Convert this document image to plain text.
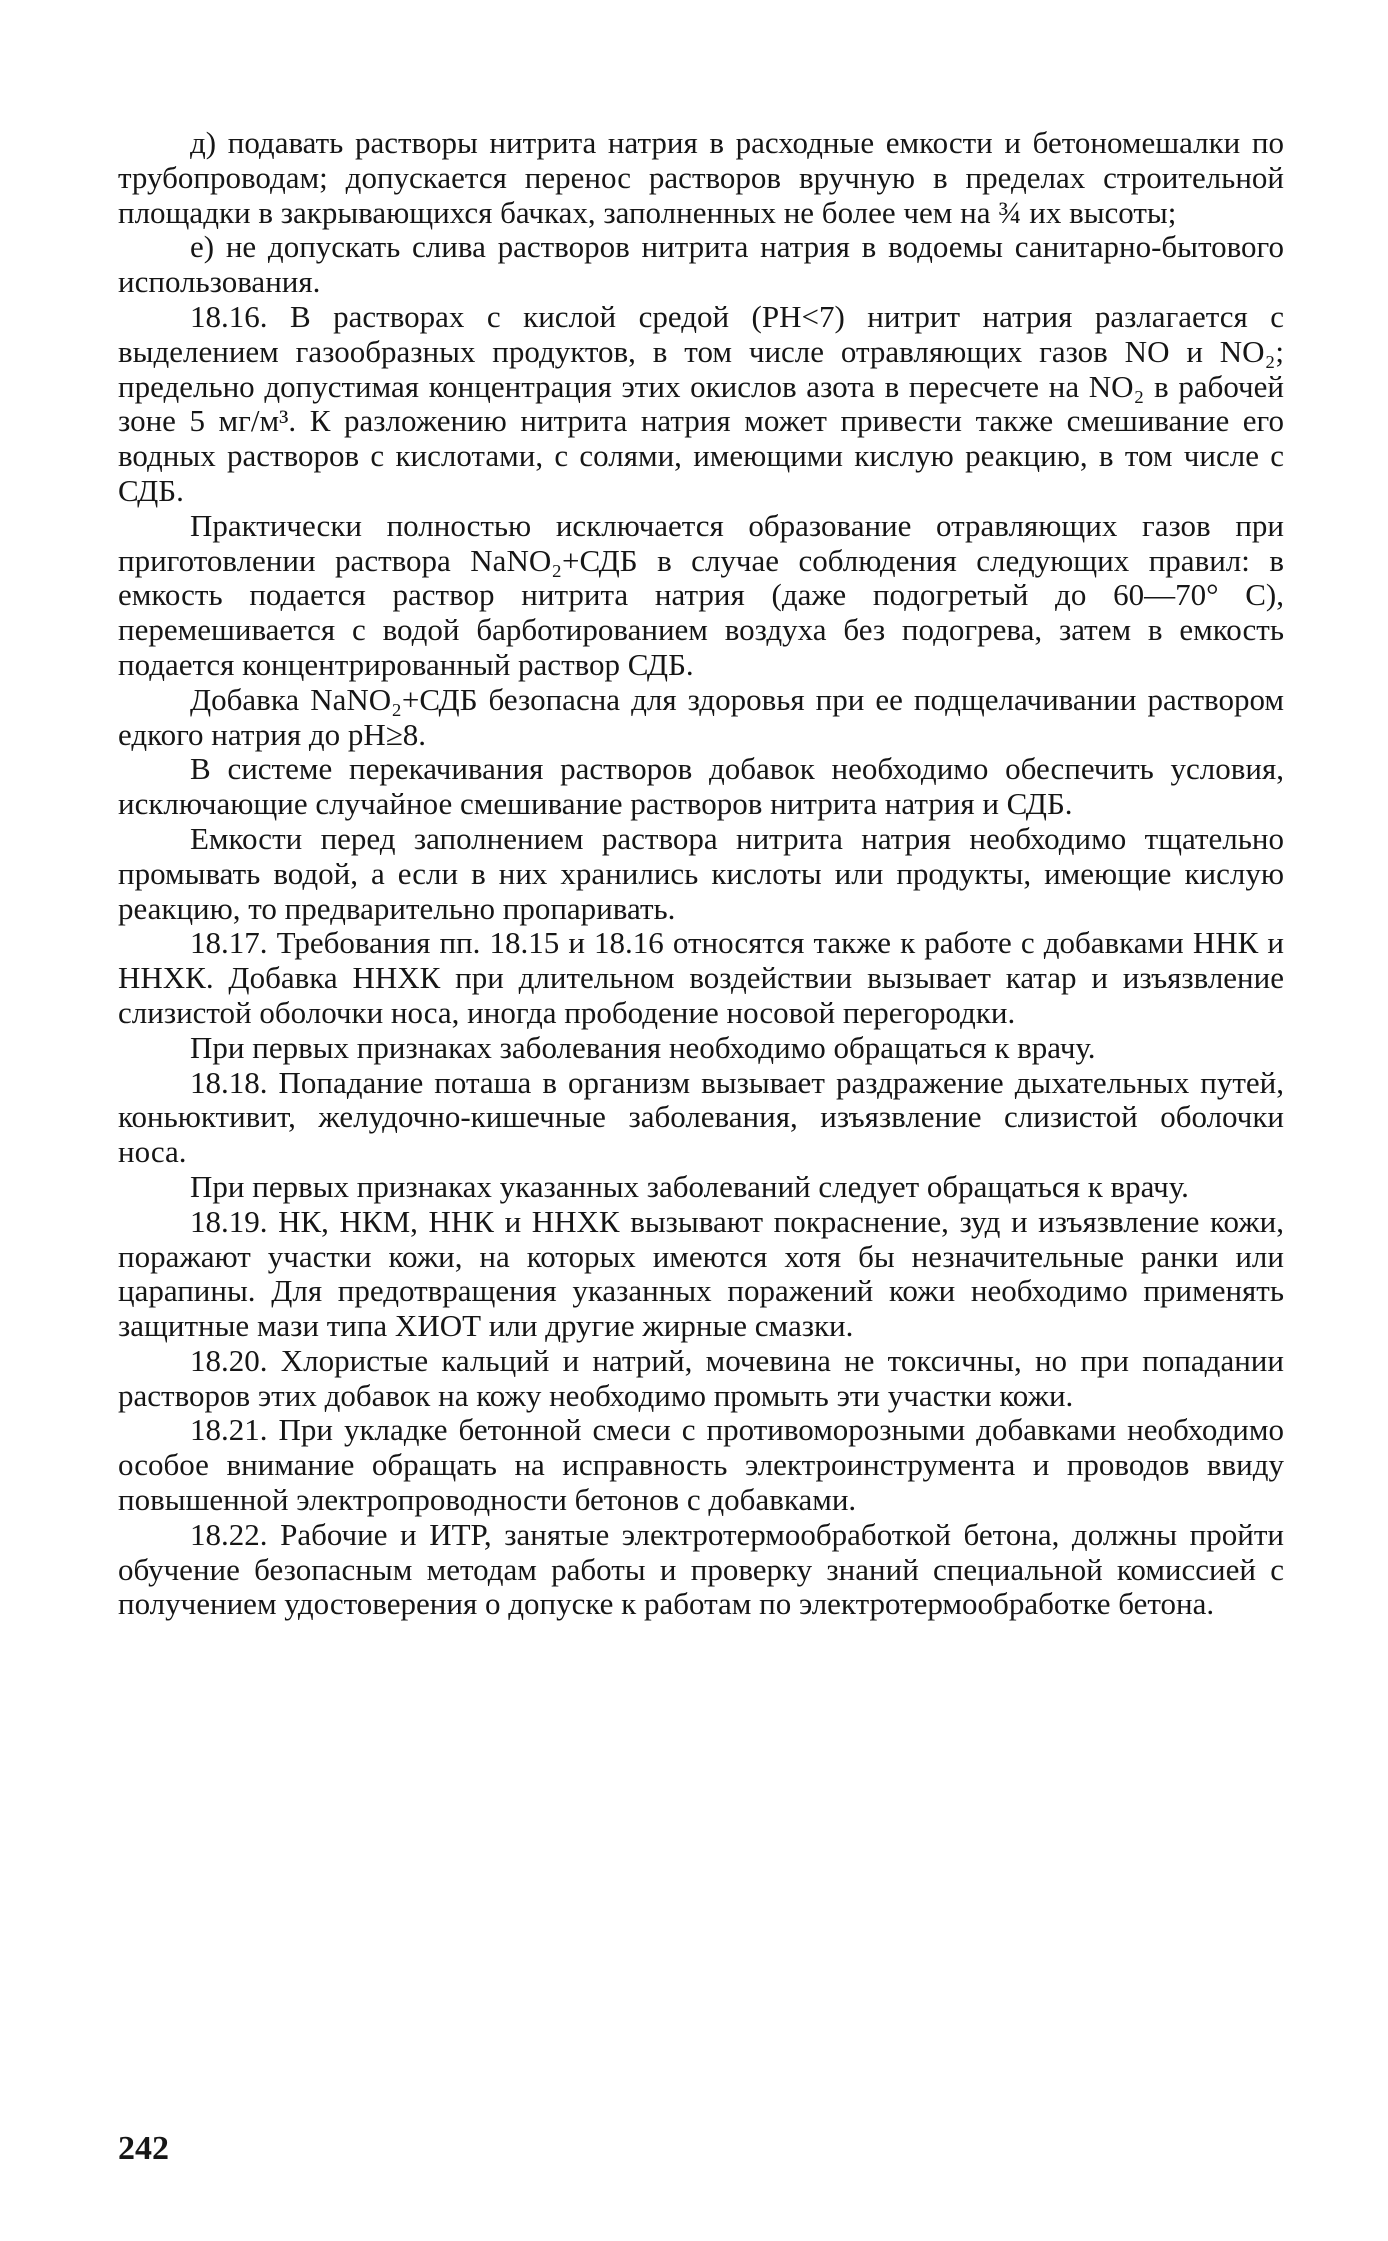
д) подавать растворы нитрита натрия в расходные емкости и бетономешалки по трубопроводам; допускается перенос растворов вручную в пределах строительной площадки в закрывающихся бачках, заполненных не более чем на ¾ их высоты;

е) не допускать слива растворов нитрита натрия в водоемы санитарно-бытового использования.

18.16. В растворах с кислой средой (PH<7) нитрит натрия разлагается с выделением газообразных продуктов, в том числе отравляющих газов NO и NO₂; предельно допустимая концентрация этих окислов азота в пересчете на NO₂ в рабочей зоне 5 мг/м³. К разложению нитрита натрия может привести также смешивание его водных растворов с кислотами, с солями, имеющими кислую реакцию, в том числе с СДБ.

Практически полностью исключается образование отравляющих газов при приготовлении раствора NaNO₂+СДБ в случае соблюдения следующих правил: в емкость подается раствор нитрита натрия (даже подогретый до 60—70° С), перемешивается с водой барботированием воздуха без подогрева, затем в емкость подается концентрированный раствор СДБ.

Добавка NaNO₂+СДБ безопасна для здоровья при ее подщелачивании раствором едкого натрия до pH≥8.

В системе перекачивания растворов добавок необходимо обеспечить условия, исключающие случайное смешивание растворов нитрита натрия и СДБ.

Емкости перед заполнением раствора нитрита натрия необходимо тщательно промывать водой, а если в них хранились кислоты или продукты, имеющие кислую реакцию, то предварительно пропаривать.

18.17. Требования пп. 18.15 и 18.16 относятся также к работе с добавками ННК и ННХК. Добавка ННХК при длительном воздействии вызывает катар и изъязвление слизистой оболочки носа, иногда прободение носовой перегородки.

При первых признаках заболевания необходимо обращаться к врачу.

18.18. Попадание поташа в организм вызывает раздражение дыхательных путей, коньюктивит, желудочно-кишечные заболевания, изъязвление слизистой оболочки носа.

При первых признаках указанных заболеваний следует обращаться к врачу.

18.19. НК, НКМ, ННК и ННХК вызывают покраснение, зуд и изъязвление кожи, поражают участки кожи, на которых имеются хотя бы незначительные ранки или царапины. Для предотвращения указанных поражений кожи необходимо применять защитные мази типа ХИОТ или другие жирные смазки.

18.20. Хлористые кальций и натрий, мочевина не токсичны, но при попадании растворов этих добавок на кожу необходимо промыть эти участки кожи.

18.21. При укладке бетонной смеси с противоморозными добавками необходимо особое внимание обращать на исправность электроинструмента и проводов ввиду повышенной электропроводности бетонов с добавками.

18.22. Рабочие и ИТР, занятые электротермообработкой бетона, должны пройти обучение безопасным методам работы и проверку знаний специальной комиссией с получением удостоверения о допуске к работам по электротермообработке бетона.

242
